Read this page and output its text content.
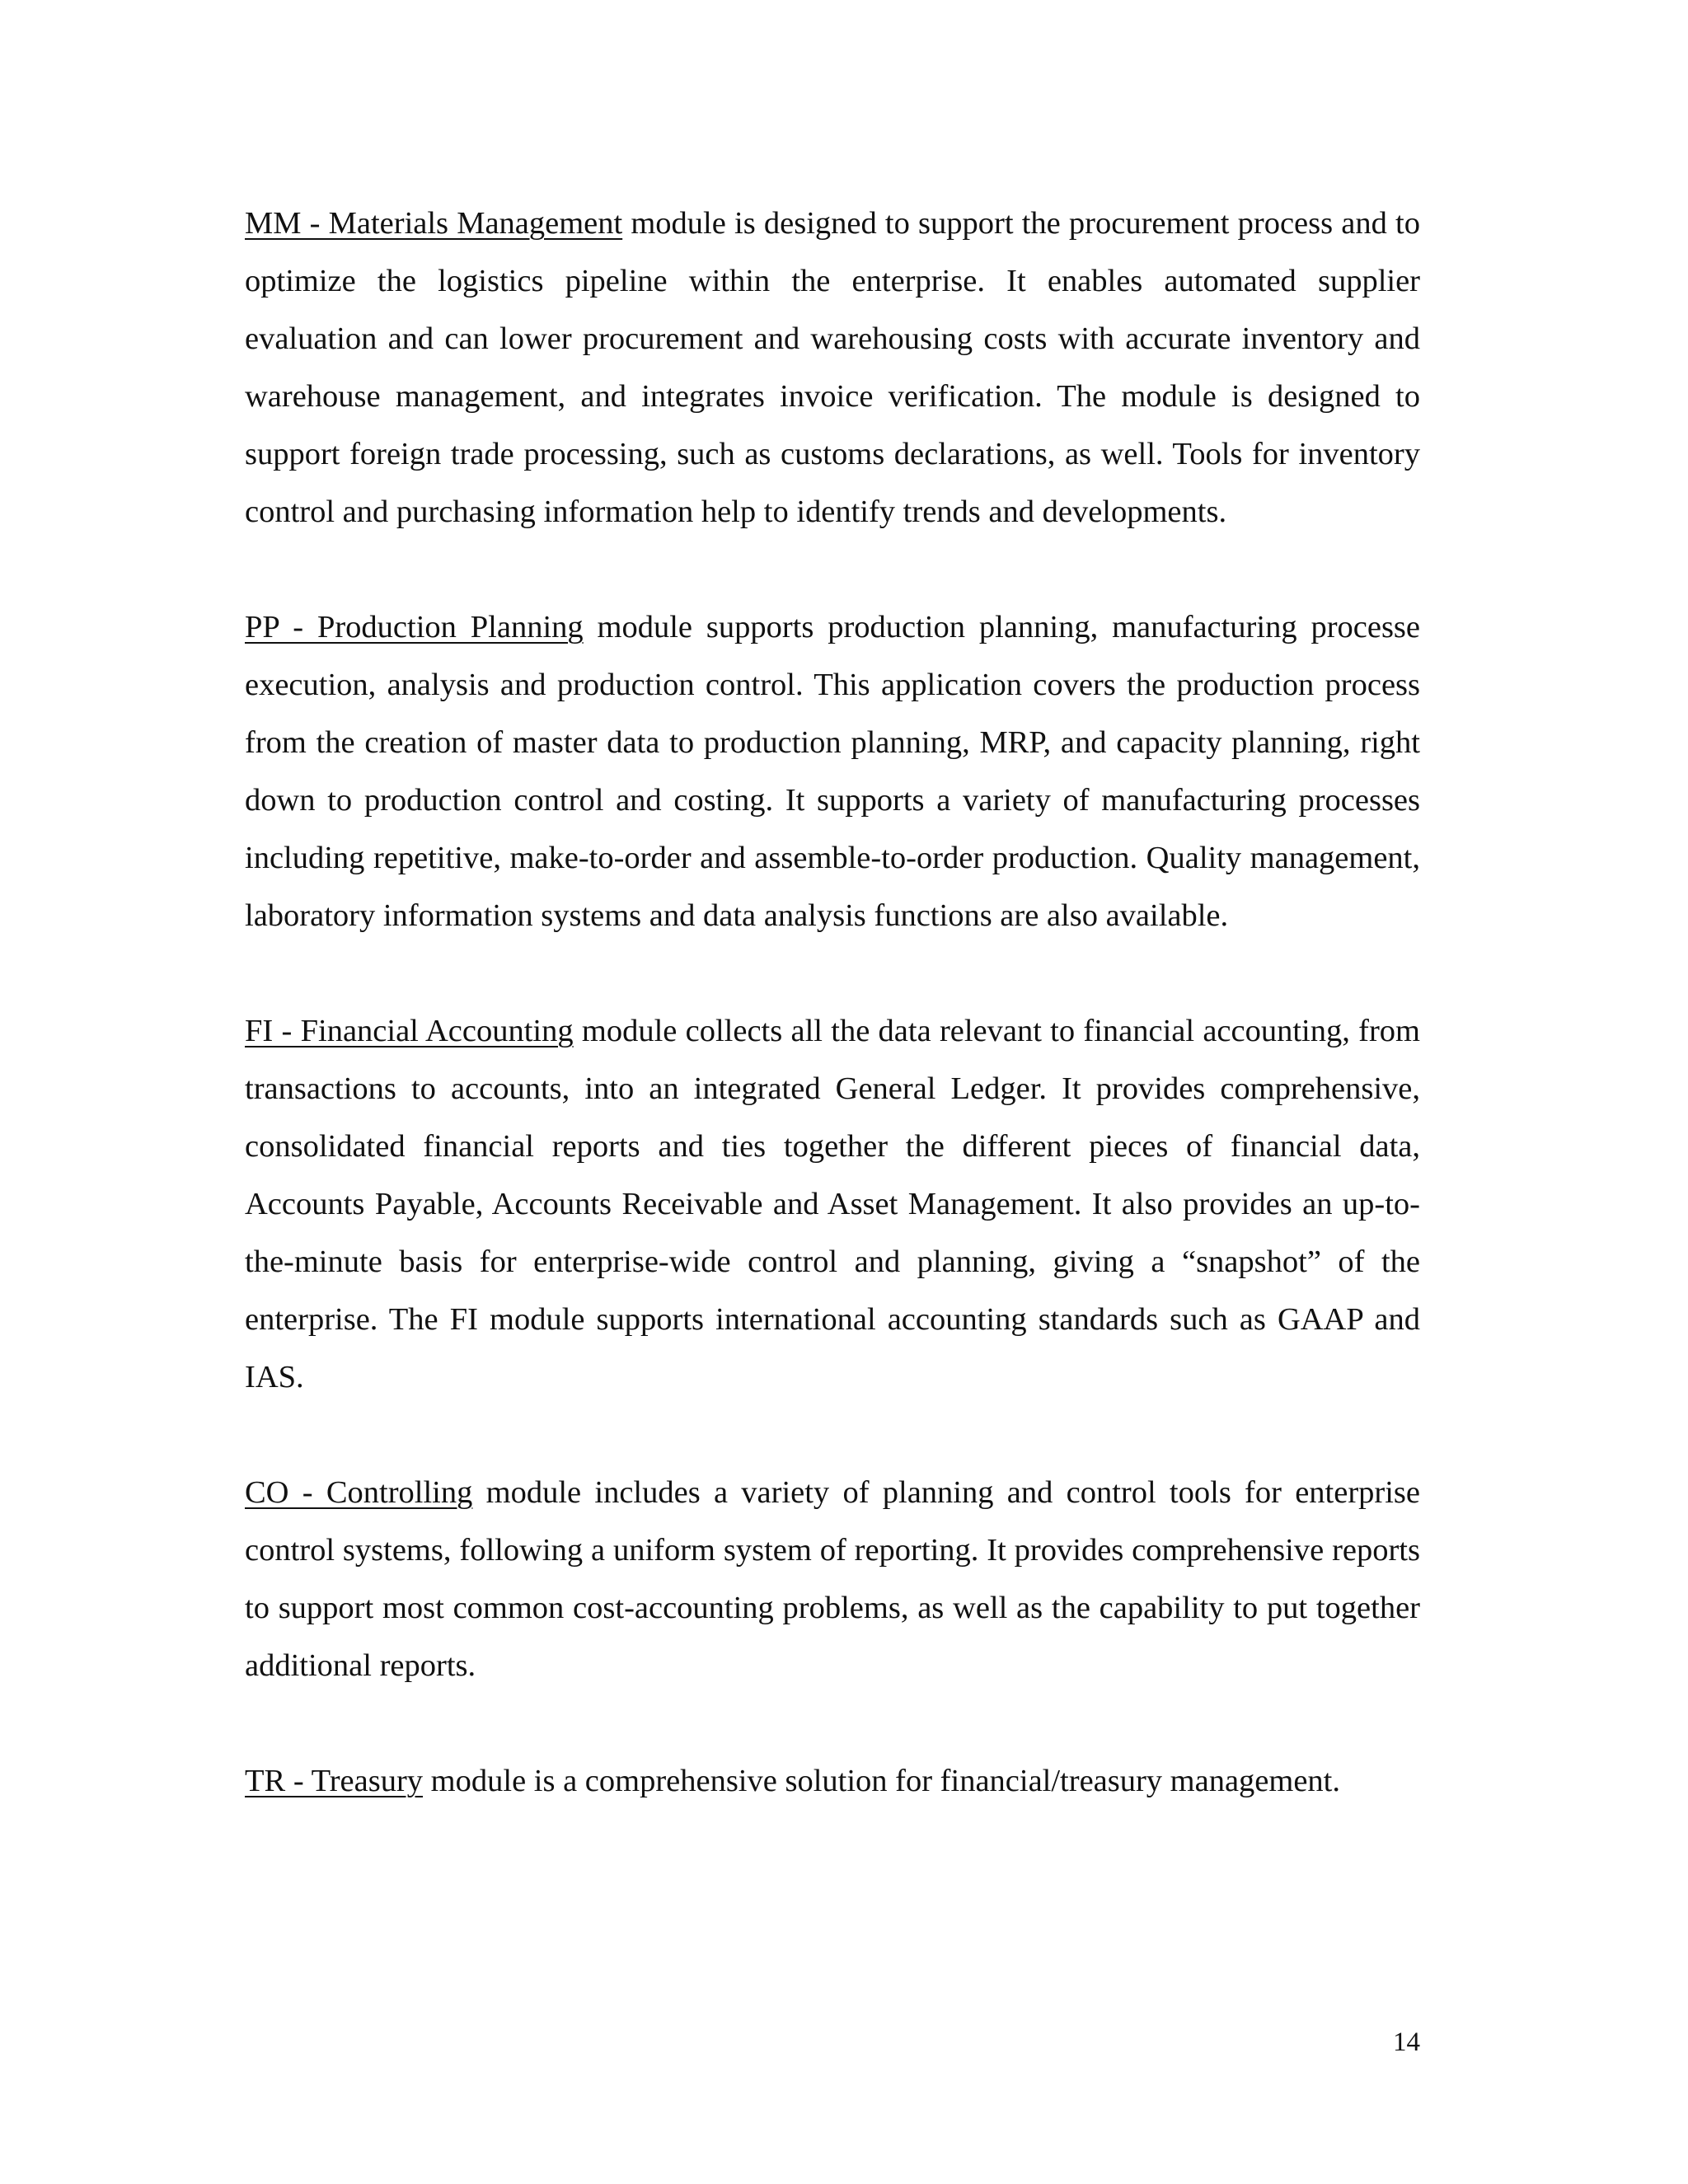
MM - Materials Management module is designed to support the procurement process and to optimize the logistics pipeline within the enterprise. It enables automated supplier evaluation and can lower procurement and warehousing costs with accurate inventory and warehouse management, and integrates invoice verification. The module is designed to support foreign trade processing, such as customs declarations, as well. Tools for inventory control and purchasing information help to identify trends and developments.

PP - Production Planning module supports production planning, manufacturing processe execution, analysis and production control. This application covers the production process from the creation of master data to production planning, MRP, and capacity planning, right down to production control and costing. It supports a variety of manufacturing processes including repetitive, make-to-order and assemble-to-order production. Quality management, laboratory information systems and data analysis functions are also available.

FI - Financial Accounting module collects all the data relevant to financial accounting, from transactions to accounts, into an integrated General Ledger. It provides comprehensive, consolidated financial reports and ties together the different pieces of financial data, Accounts Payable, Accounts Receivable and Asset Management. It also provides an up-to-the-minute basis for enterprise-wide control and planning, giving a “snapshot” of the enterprise. The FI module supports international accounting standards such as GAAP and IAS.

CO - Controlling module includes a variety of planning and control tools for enterprise control systems, following a uniform system of reporting. It provides comprehensive reports to support most common cost-accounting problems, as well as the capability to put together additional reports.

TR - Treasury module is a comprehensive solution for financial/treasury management.

14
